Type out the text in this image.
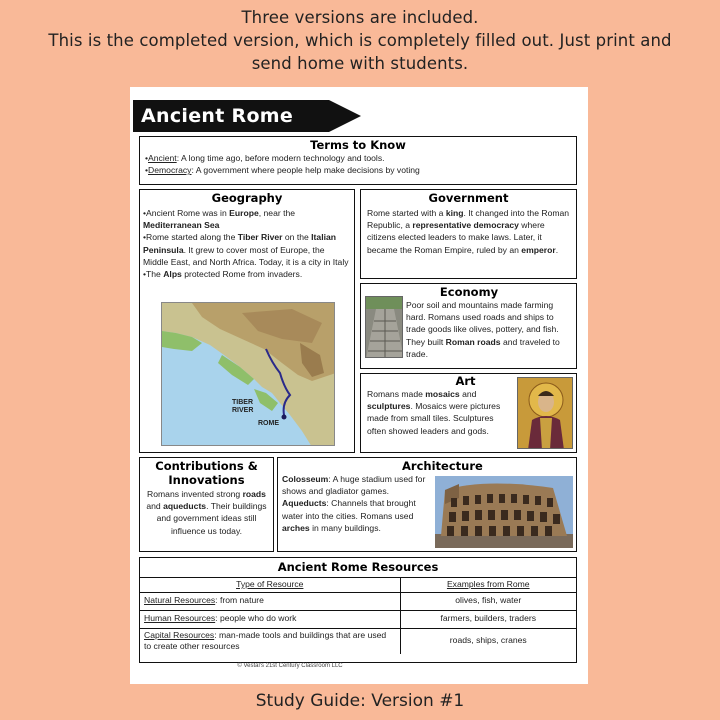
Three versions are included.
This is the completed version, which is completely filled out. Just print and
send home with students.
Ancient Rome
Terms to Know
•Ancient: A long time ago, before modern technology and tools.
•Democracy: A government where people help make decisions by voting
Geography
•Ancient Rome was in Europe, near the Mediterranean Sea
•Rome started along the Tiber River on the Italian Peninsula. It grew to cover most of Europe, the Middle East, and North Africa. Today, it is a city in Italy
•The Alps protected Rome from invaders.
TIBER RIVER
ROME
Government
Rome started with a king. It changed into the Roman Republic, a representative democracy where citizens elected leaders to make laws. Later, it became the Roman Empire, ruled by an emperor.
Economy
Poor soil and mountains made farming hard. Romans used roads and ships to trade goods like olives, pottery, and fish. They built Roman roads and traveled to trade.
Art
Romans made mosaics and sculptures. Mosaics were pictures made from small tiles. Sculptures often showed leaders and gods.
Contributions & Innovations
Romans invented strong roads and aqueducts. Their buildings and government ideas still influence us today.
Architecture
Colosseum: A huge stadium used for shows and gladiator games.
Aqueducts: Channels that brought water into the cities. Romans used arches in many buildings.
Ancient Rome Resources
Type of Resource	Examples from Rome
Natural Resources: from nature	olives, fish, water
Human Resources: people who do work	farmers, builders, traders
Capital Resources: man-made tools and buildings that are used to create other resources	roads, ships, cranes
© Vestal's 21st Century Classroom LLC
Study Guide: Version #1
